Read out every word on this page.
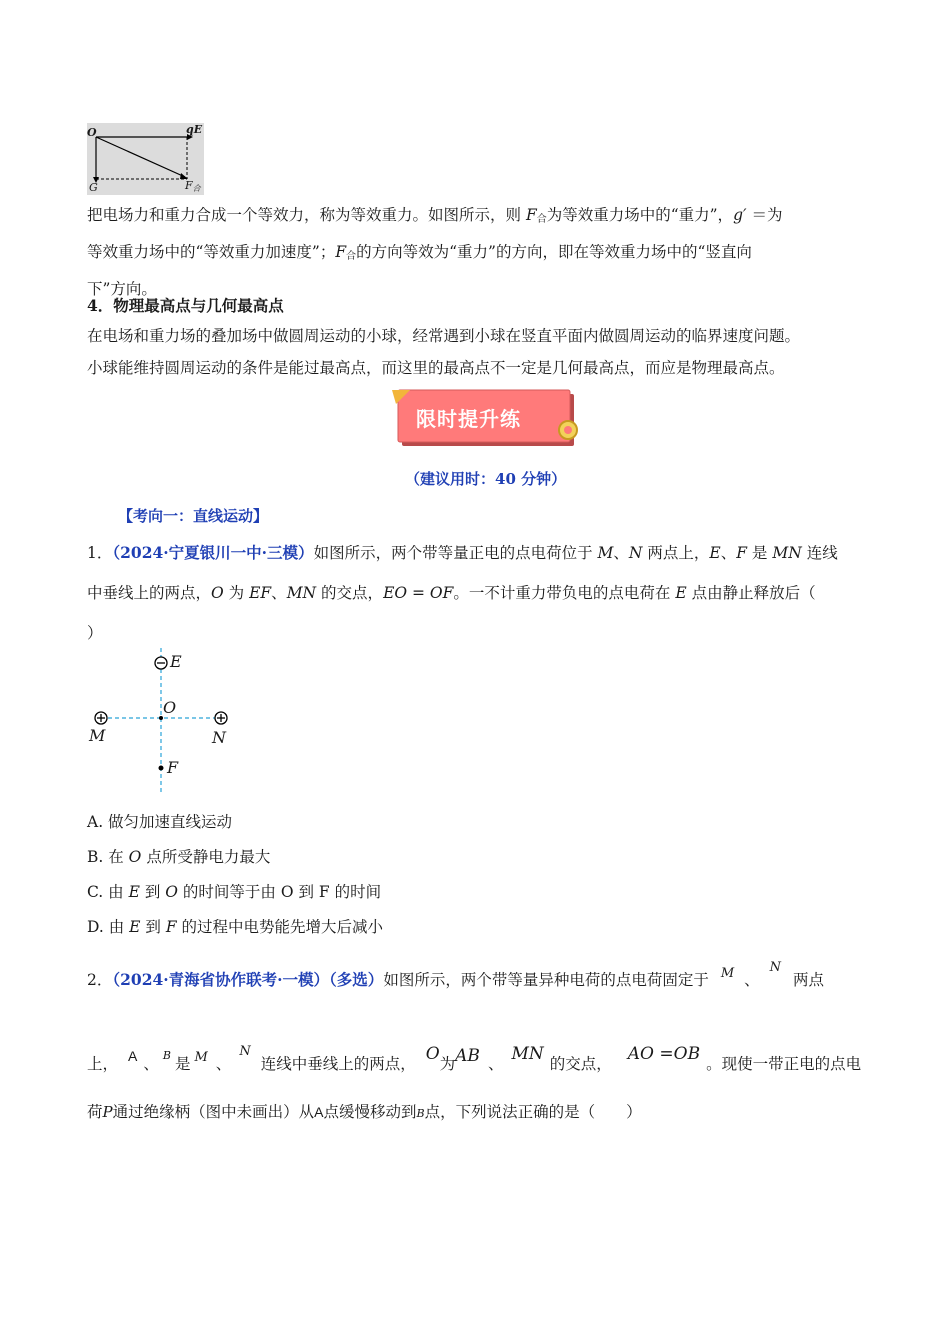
O	qE
G	$F_合$
把电场力和重力合成一个等效力，称为等效重力。如图所示，则 $F_合$为等效重力场中的“重力”，g′ ＝为
等效重力场中的“等效重力加速度”；$F_合$的方向等效为“重力”的方向，即在等效重力场中的“竖直向
下”方向。
4．物理最高点与几何最高点
在电场和重力场的叠加场中做圆周运动的小球，经常遇到小球在竖直平面内做圆周运动的临界速度问题。
小球能维持圆周运动的条件是能过最高点，而这里的最高点不一定是几何最高点，而应是物理最高点。
限时提升练
（建议用时：40 分钟）
【考向一：直线运动】
1．（2024·宁夏银川一中·三模）如图所示，两个带等量正电的点电荷位于 M、N 两点上，E、F 是 MN 连线
中垂线上的两点，O 为 EF、MN 的交点，EO = OF。一不计重力带负电的点电荷在 E 点由静止释放后（
）
E
O
M	N
F
A. 做匀加速直线运动
B. 在 O 点所受静电力最大
C. 由 E 到 O 的时间等于由 O 到 F 的时间
D. 由 E 到 F 的过程中电势能先增大后减小
2．（2024·青海省协作联考·一模）（多选）如图所示，两个带等量异种电荷的点电荷固定于 $^M$ 、$^N$两点
上， A 、 $^B$ 是 $^M$ 、$^N$连线中垂线上的两点， O为AB 、 MN 的交点， AO =OB 。现使一带正电的点电
荷P通过绝缘柄（图中未画出）从A点缓慢移动到B点，下列说法正确的是（　　）
